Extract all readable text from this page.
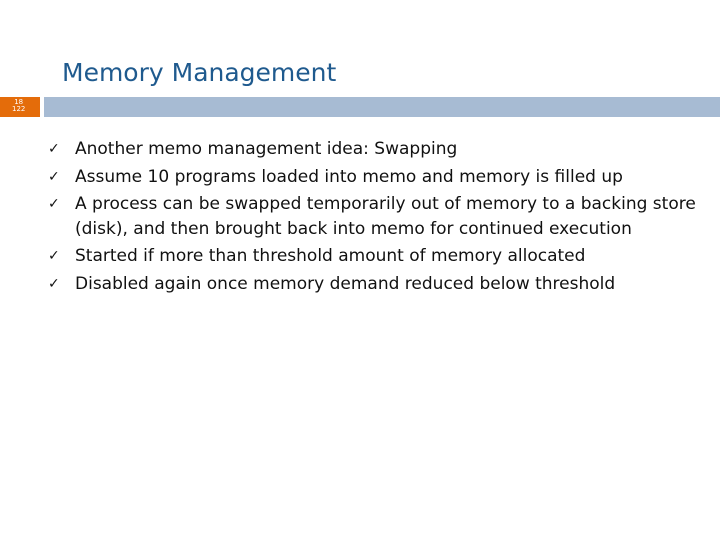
Memory Management
18
122
✓ Another memo management idea: Swapping
✓ Assume 10 programs loaded into memo and memory is filled up
✓ A process can be swapped temporarily out of memory to a backing store (disk), and then brought back into memo for continued execution
✓ Started if more than threshold amount of memory allocated
✓ Disabled again once memory demand reduced below threshold
